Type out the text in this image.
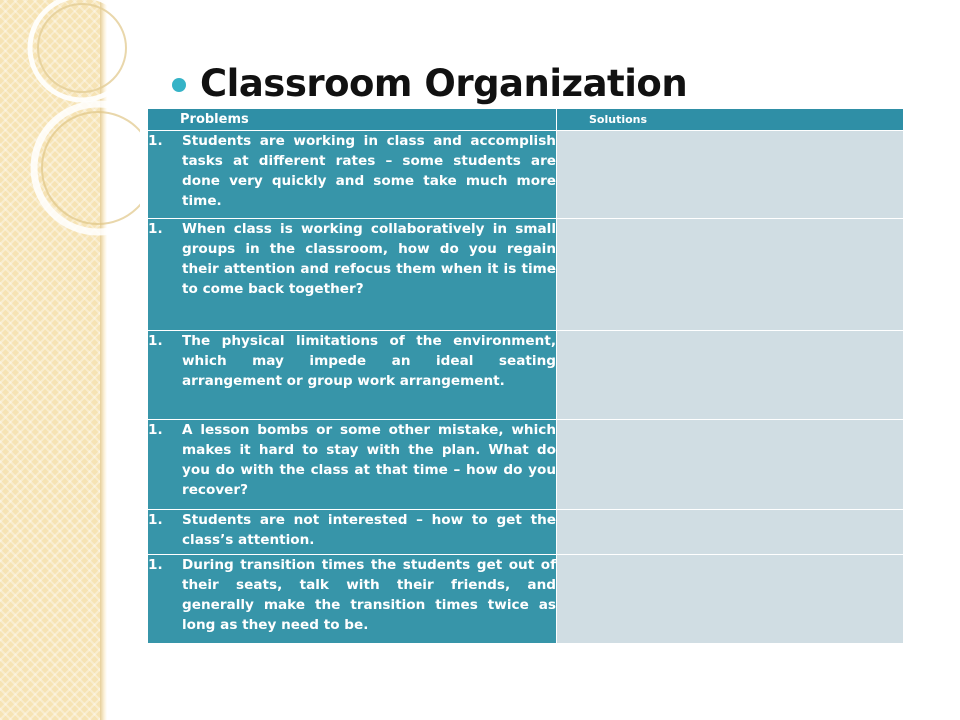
Classroom Organization
Problems	Solutions

1. Students are working in class and accomplish tasks at different rates – some students are done very quickly and some take much more time.	

1. When class is working collaboratively in small groups in the classroom, how do you regain their attention and refocus them when it is time to come back together?	

1. The physical limitations of the environment, which may impede an ideal seating arrangement or group work arrangement.	

1. A lesson bombs or some other mistake, which makes it hard to stay with the plan. What do you do with the class at that time – how do you recover?	

1. Students are not interested – how to get the class’s attention.	

1. During transition times the students get out of their seats, talk with their friends, and generally make the transition times twice as long as they need to be.	
